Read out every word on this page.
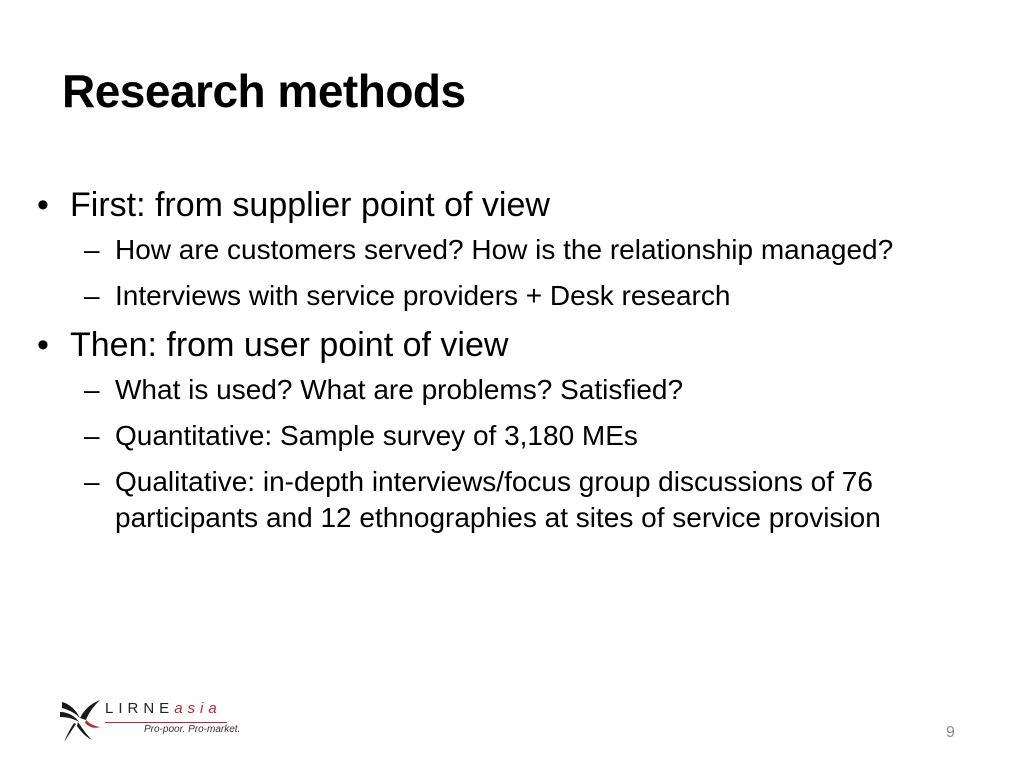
Research methods
• First: from supplier point of view
– How are customers served? How is the relationship managed?
– Interviews with service providers + Desk research
• Then: from user point of view
– What is used? What are problems? Satisfied?
– Quantitative: Sample survey of 3,180 MEs
– Qualitative: in-depth interviews/focus group discussions of 76 participants and 12 ethnographies at sites of service provision
LIRNEasia
Pro-poor. Pro-market.	9
